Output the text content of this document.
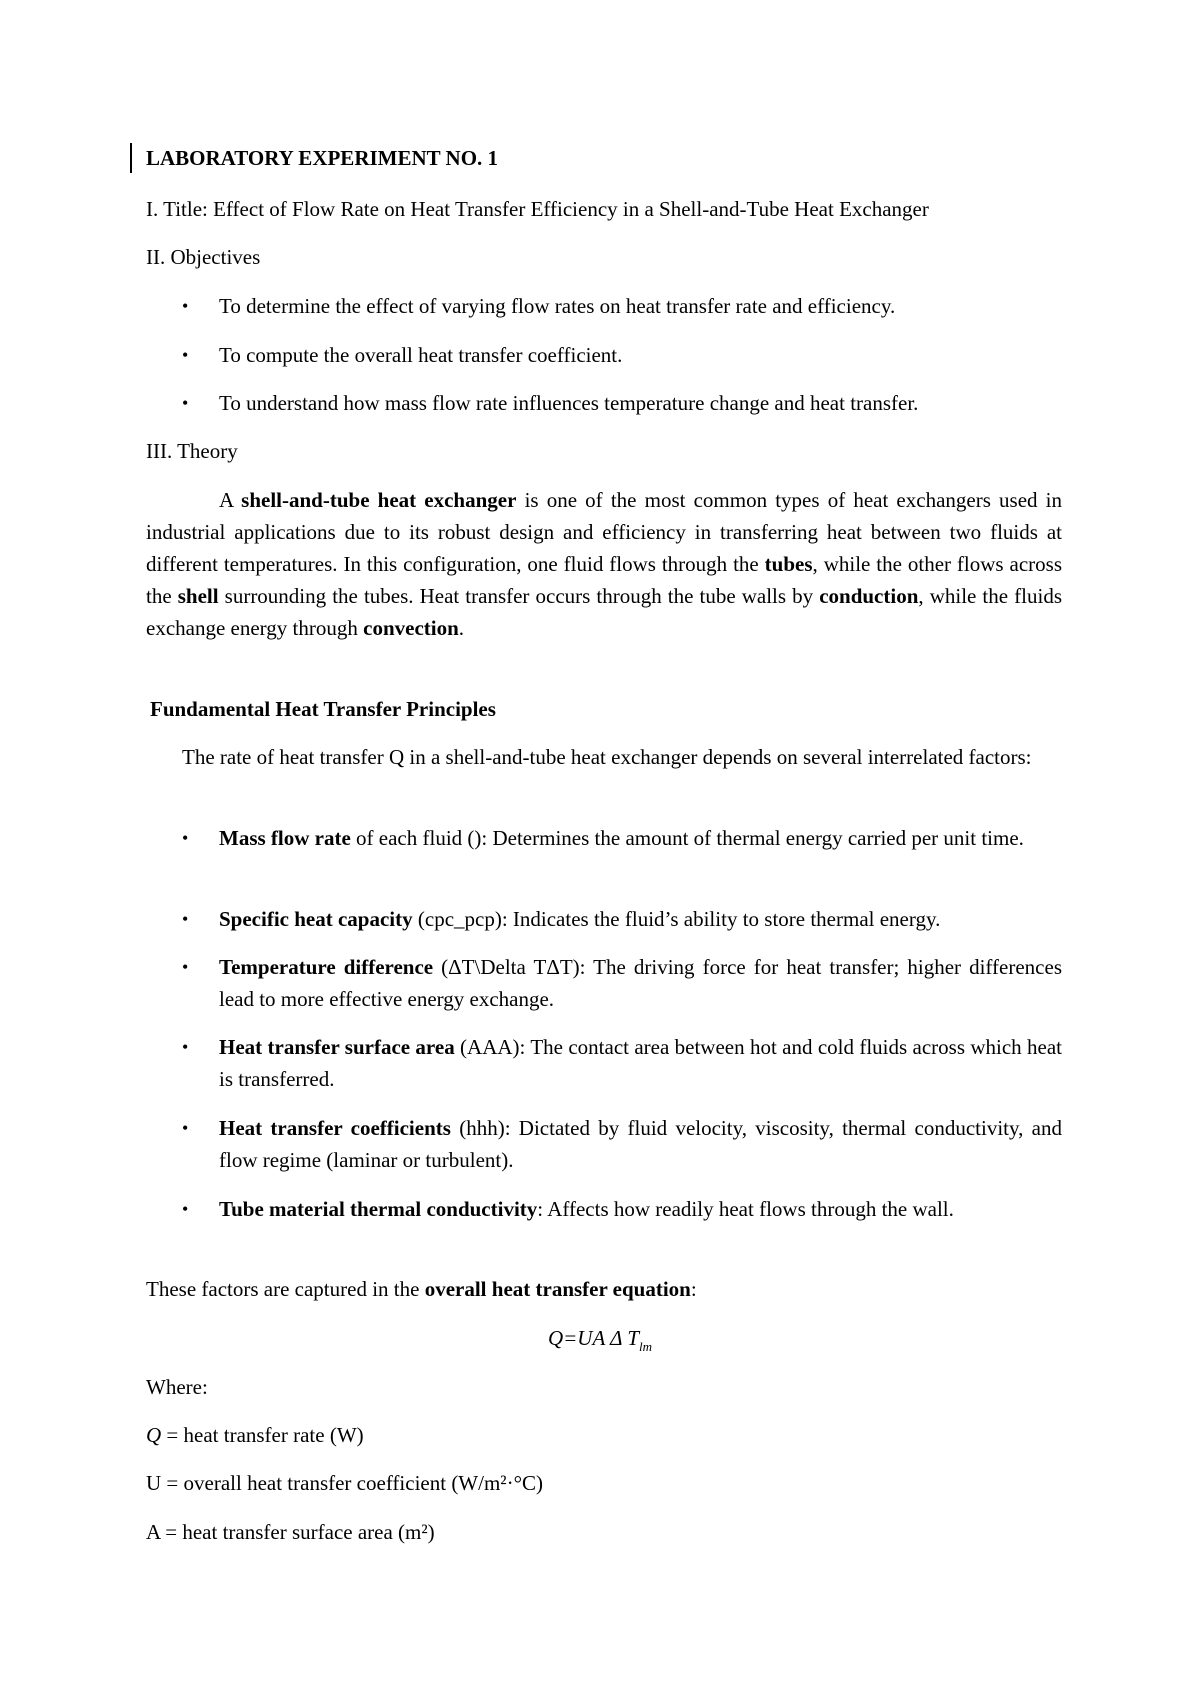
LABORATORY EXPERIMENT NO. 1
I. Title: Effect of Flow Rate on Heat Transfer Efficiency in a Shell-and-Tube Heat Exchanger
II. Objectives
• To determine the effect of varying flow rates on heat transfer rate and efficiency.
• To compute the overall heat transfer coefficient.
• To understand how mass flow rate influences temperature change and heat transfer.
III. Theory
A shell-and-tube heat exchanger is one of the most common types of heat exchangers used in industrial applications due to its robust design and efficiency in transferring heat between two fluids at different temperatures. In this configuration, one fluid flows through the tubes, while the other flows across the shell surrounding the tubes. Heat transfer occurs through the tube walls by conduction, while the fluids exchange energy through convection.
Fundamental Heat Transfer Principles
The rate of heat transfer Q in a shell-and-tube heat exchanger depends on several interrelated factors:
• Mass flow rate of each fluid (): Determines the amount of thermal energy carried per unit time.
• Specific heat capacity (cpc_pcp): Indicates the fluid’s ability to store thermal energy.
• Temperature difference (ΔT\Delta TΔT): The driving force for heat transfer; higher differences lead to more effective energy exchange.
• Heat transfer surface area (AAA): The contact area between hot and cold fluids across which heat is transferred.
• Heat transfer coefficients (hhh): Dictated by fluid velocity, viscosity, thermal conductivity, and flow regime (laminar or turbulent).
• Tube material thermal conductivity: Affects how readily heat flows through the wall.
These factors are captured in the overall heat transfer equation:
Q=UA Δ $T_{lm}$
Where:
Q = heat transfer rate (W)
U = overall heat transfer coefficient (W/m²·°C)
A = heat transfer surface area (m²)
